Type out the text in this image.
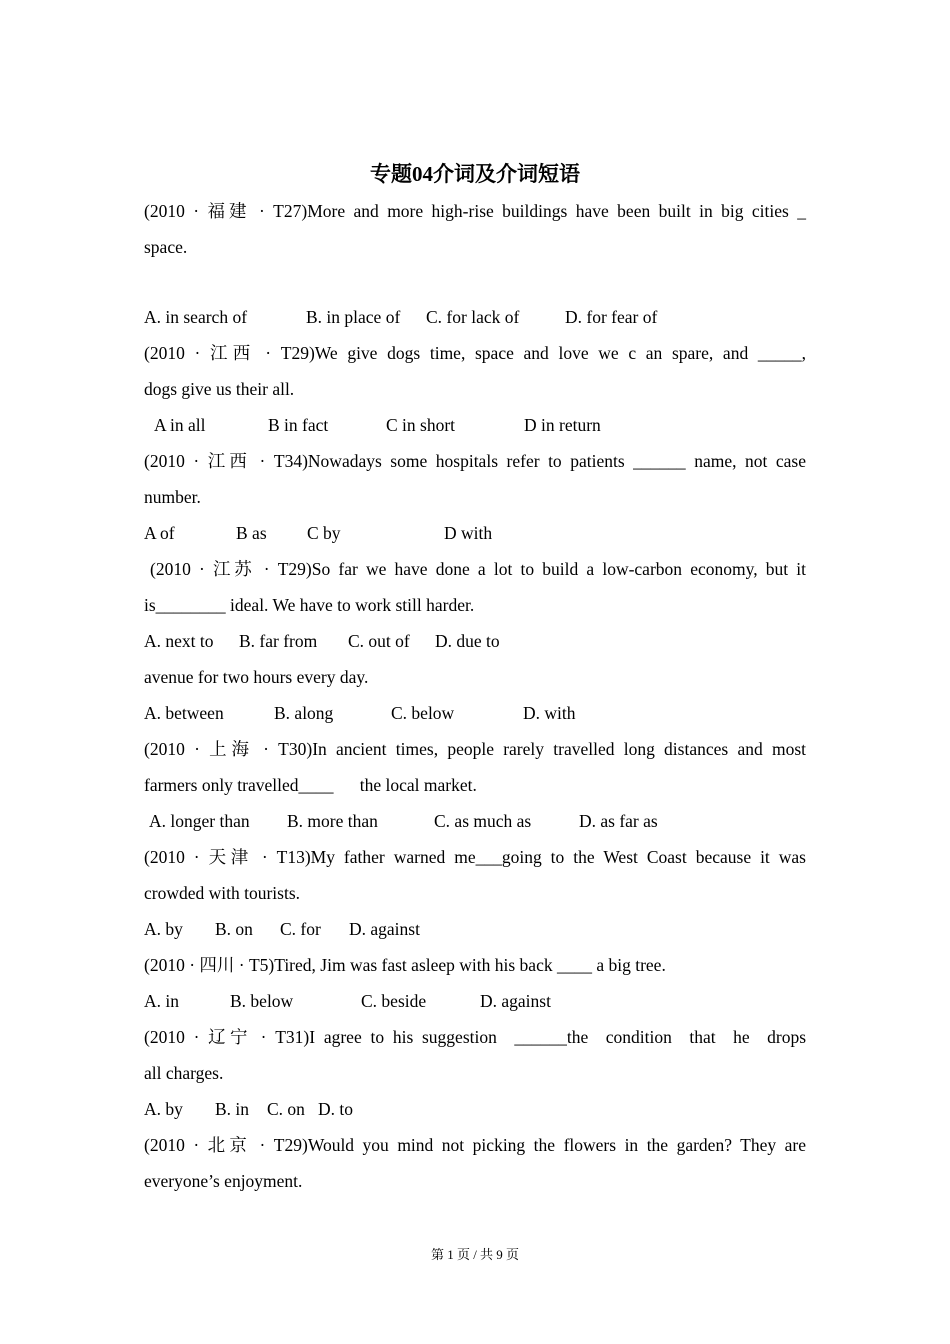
专题04介词及介词短语
(2010 · 福建 · T27)More and more high-rise buildings have been built in big cities _
space.
A. in search of	B. in place of C. for lack of	D. for fear of
(2010 · 江西 · T29)We give dogs time, space and love we c an spare, and _____,
dogs give us their all.
A in all	B in fact	C in short	D in return
(2010 · 江西 · T34)Nowadays some hospitals refer to patients ______ name, not case
number.
A of	B as C by	D with
(2010 · 江苏 · T29)So far we have done a lot to build a low-carbon economy, but it
is________ ideal. We have to work still harder.
A. next to B. far from C. out of D. due to
avenue for two hours every day.
A. between	B. along	C. below	D. with
(2010 · 上海 · T30)In ancient times, people rarely travelled long distances and most
farmers only travelled____      the local market.
A. longer than B. more than	C. as much as	D. as far as
(2010 · 天津 · T13)My father warned me___going to the West Coast because it was
crowded with tourists.
A. by B. on C. for D. against
(2010 · 四川 · T5)Tired, Jim was fast asleep with his back ____ a big tree.
A. in	B. below	C. beside	D. against
(2010 · 辽宁 · T31)I agree to his suggestion  ______the  condition  that  he  drops
all charges.
A. by B. in C. on D. to
(2010 · 北京 · T29)Would you mind not picking the flowers in the garden? They are
everyone’s enjoyment.
第 1 页 / 共 9 页
